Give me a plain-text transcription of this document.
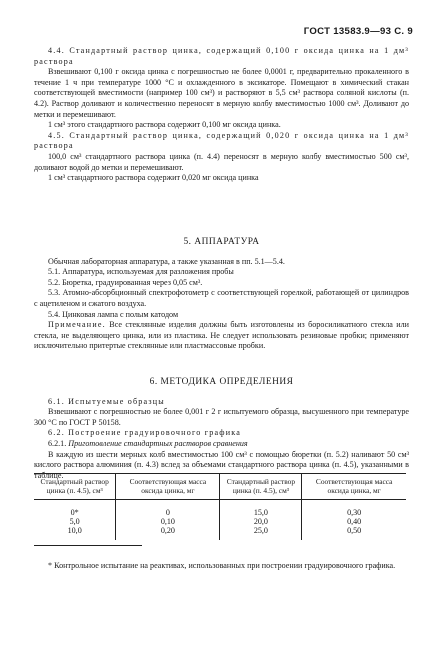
ГОСТ 13583.9—93 С. 9

4.4. Стандартный раствор цинка, содержащий 0,100 г оксида цинка на 1 дм³ раствора

Взвешивают 0,100 г оксида цинка с погрешностью не более 0,0001 г, предварительно прокаленного в течение 1 ч при температуре 1000 °С и охлажденного в эксикаторе. Помещают в химический стакан соответствующей вместимости (например 100 см³) и растворяют в 5,5 см³ раствора соляной кислоты (п. 4.2). Раствор доливают и количественно переносят в мерную колбу вместимостью 1000 см³. Доливают до метки и перемешивают.

1 см³ этого стандартного раствора содержит 0,100 мг оксида цинка.

4.5. Стандартный раствор цинка, содержащий 0,020 г оксида цинка на 1 дм³ раствора

100,0 см³ стандартного раствора цинка (п. 4.4) переносят в мерную колбу вместимостью 500 см³, доливают водой до метки и перемешивают.

1 см³ стандартного раствора содержит 0,020 мг оксида цинка

5. АППАРАТУРА

Обычная лабораторная аппаратура, а также указанная в пп. 5.1—5.4.

5.1. Аппаратура, используемая для разложения пробы

5.2. Бюретка, градуированная через 0,05 см³.

5.3. Атомно-абсорбционный спектрофотометр с соответствующей горелкой, работающей от цилиндров с ацетиленом и сжатого воздуха.

5.4. Цинковая лампа с полым катодом

Примечание. Все стеклянные изделия должны быть изготовлены из боросиликатного стекла или стекла, не выделяющего цинка, или из пластика. Не следует использовать резиновые пробки; применяют исключительно притертые стеклянные или пластмассовые пробки.

6. МЕТОДИКА ОПРЕДЕЛЕНИЯ

6.1. Испытуемые образцы

Взвешивают с погрешностью не более 0,001 г 2 г испытуемого образца, высушенного при температуре 300 °С по ГОСТ Р 50158.

6.2. Построение градуировочного графика

6.2.1. Приготовление стандартных растворов сравнения

В каждую из шести мерных колб вместимостью 100 см³ с помощью бюретки (п. 5.2) наливают 50 см³ кислого раствора алюминия (п. 4.3) вслед за объемами стандартного раствора цинка (п. 4.5), указанными в таблице.

Стандартный раствор цинка (п. 4.5), см³	Соответствующая масса оксида цинка, мг	Стандартный раствор цинка (п. 4.5), см³	Соответствующая масса оксида цинка, мг
0*	0	15,0	0,30
5,0	0,10	20,0	0,40
10,0	0,20	25,0	0,50

* Контрольное испытание на реактивах, использованных при построении градуировочного графика.
